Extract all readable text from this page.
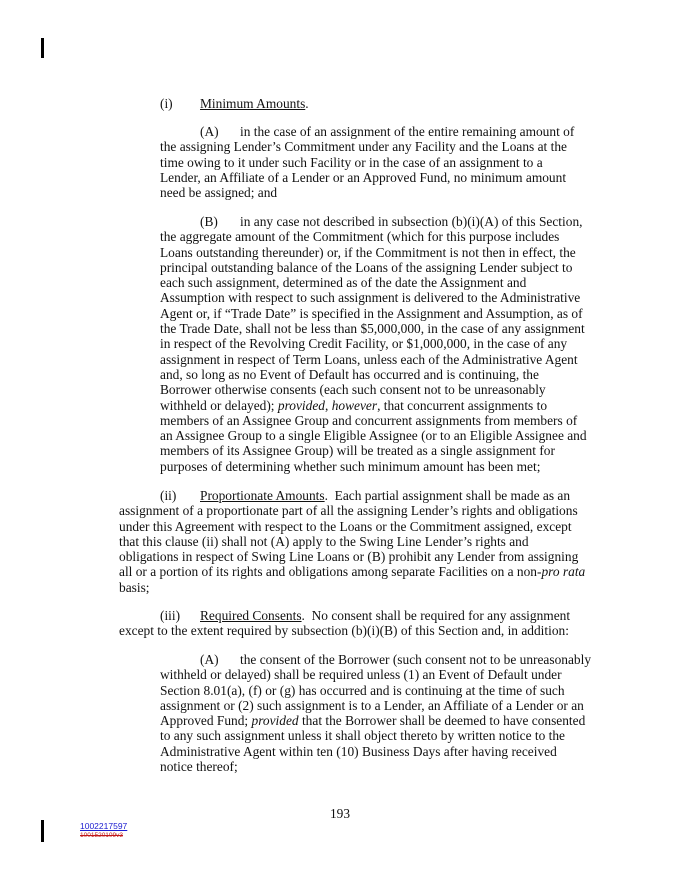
(i) Minimum Amounts.
(A) in the case of an assignment of the entire remaining amount of
the assigning Lender’s Commitment under any Facility and the Loans at the
time owing to it under such Facility or in the case of an assignment to a
Lender, an Affiliate of a Lender or an Approved Fund, no minimum amount
need be assigned; and
(B) in any case not described in subsection (b)(i)(A) of this Section,
the aggregate amount of the Commitment (which for this purpose includes
Loans outstanding thereunder) or, if the Commitment is not then in effect, the
principal outstanding balance of the Loans of the assigning Lender subject to
each such assignment, determined as of the date the Assignment and
Assumption with respect to such assignment is delivered to the Administrative
Agent or, if “Trade Date” is specified in the Assignment and Assumption, as of
the Trade Date, shall not be less than $5,000,000, in the case of any assignment
in respect of the Revolving Credit Facility, or $1,000,000, in the case of any
assignment in respect of Term Loans, unless each of the Administrative Agent
and, so long as no Event of Default has occurred and is continuing, the
Borrower otherwise consents (each such consent not to be unreasonably
withheld or delayed); provided, however, that concurrent assignments to
members of an Assignee Group and concurrent assignments from members of
an Assignee Group to a single Eligible Assignee (or to an Eligible Assignee and
members of its Assignee Group) will be treated as a single assignment for
purposes of determining whether such minimum amount has been met;
(ii) Proportionate Amounts. Each partial assignment shall be made as an
assignment of a proportionate part of all the assigning Lender’s rights and obligations
under this Agreement with respect to the Loans or the Commitment assigned, except
that this clause (ii) shall not (A) apply to the Swing Line Lender’s rights and
obligations in respect of Swing Line Loans or (B) prohibit any Lender from assigning
all or a portion of its rights and obligations among separate Facilities on a non-pro rata
basis;
(iii) Required Consents. No consent shall be required for any assignment
except to the extent required by subsection (b)(i)(B) of this Section and, in addition:
(A) the consent of the Borrower (such consent not to be unreasonably
withheld or delayed) shall be required unless (1) an Event of Default under
Section 8.01(a), (f) or (g) has occurred and is continuing at the time of such
assignment or (2) such assignment is to a Lender, an Affiliate of a Lender or an
Approved Fund; provided that the Borrower shall be deemed to have consented
to any such assignment unless it shall object thereto by written notice to the
Administrative Agent within ten (10) Business Days after having received
notice thereof;
193
1002217597
1001520109v3
